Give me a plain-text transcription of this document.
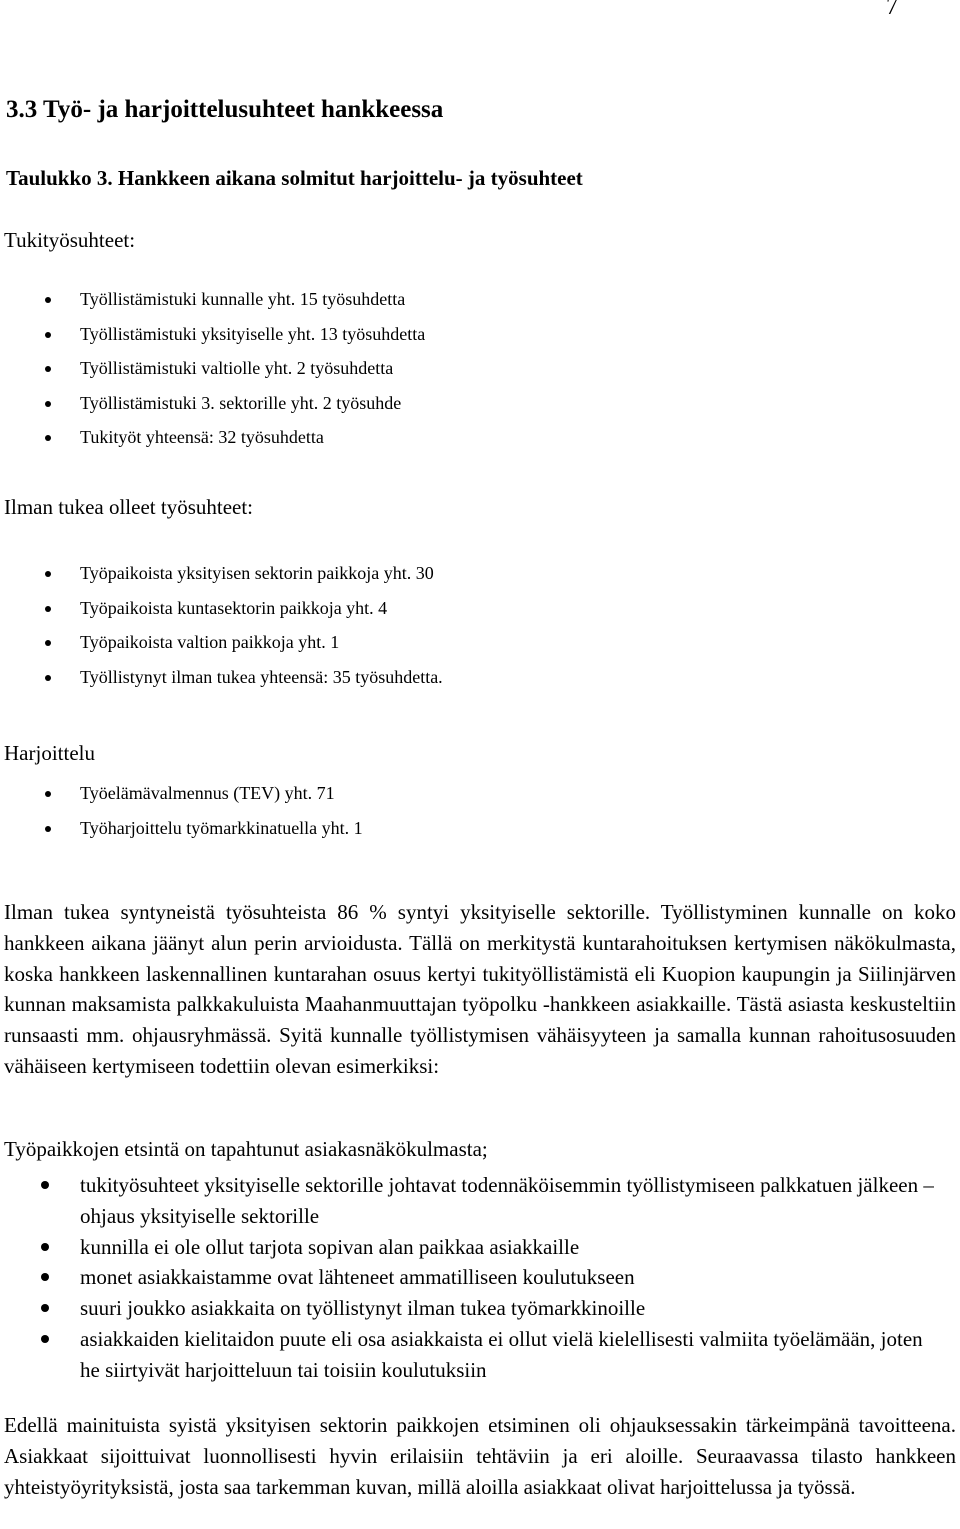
7
3.3 Työ- ja harjoittelusuhteet hankkeessa
Taulukko 3. Hankkeen aikana solmitut harjoittelu- ja työsuhteet
Tukityösuhteet:
Työllistämistuki kunnalle yht. 15 työsuhdetta
Työllistämistuki yksityiselle yht. 13 työsuhdetta
Työllistämistuki valtiolle yht. 2 työsuhdetta
Työllistämistuki 3. sektorille yht. 2 työsuhde
Tukityöt yhteensä: 32 työsuhdetta
Ilman tukea olleet työsuhteet:
Työpaikoista yksityisen sektorin paikkoja yht. 30
Työpaikoista kuntasektorin paikkoja yht. 4
Työpaikoista valtion paikkoja yht. 1
Työllistynyt ilman tukea yhteensä: 35 työsuhdetta.
Harjoittelu
Työelämävalmennus (TEV) yht. 71
Työharjoittelu työmarkkinatuella yht. 1

Ilman tukea syntyneistä työsuhteista 86 % syntyi yksityiselle sektorille. Työllistyminen kunnalle on koko hankkeen aikana jäänyt alun perin arvioidusta. Tällä on merkitystä kuntarahoituksen kertymisen näkökulmasta, koska hankkeen laskennallinen kuntarahan osuus kertyi tukityöllistämistä eli Kuopion kaupungin ja Siilinjärven kunnan maksamista palkkakuluista Maahanmuuttajan työpolku -hankkeen asiakkaille. Tästä asiasta keskusteltiin runsaasti mm. ohjausryhmässä. Syitä kunnalle työllistymisen vähäisyyteen ja samalla kunnan rahoitusosuuden vähäiseen kertymiseen todettiin olevan esimerkiksi:

Työpaikkojen etsintä on tapahtunut asiakasnäkökulmasta;
tukityösuhteet yksityiselle sektorille johtavat todennäköisemmin työllistymiseen palkkatuen jälkeen – ohjaus yksityiselle sektorille
kunnilla ei ole ollut tarjota sopivan alan paikkaa asiakkaille
monet asiakkaistamme ovat lähteneet ammatilliseen koulutukseen
suuri joukko asiakkaita on työllistynyt ilman tukea työmarkkinoille
asiakkaiden kielitaidon puute eli osa asiakkaista ei ollut vielä kielellisesti valmiita työelämään, joten he siirtyivät harjoitteluun tai toisiin koulutuksiin

Edellä mainituista syistä yksityisen sektorin paikkojen etsiminen oli ohjauksessakin tärkeimpänä tavoitteena. Asiakkaat sijoittuivat luonnollisesti hyvin erilaisiin tehtäviin ja eri aloille. Seuraavassa tilasto hankkeen yhteistyöyrityksistä, josta saa tarkemman kuvan, millä aloilla asiakkaat olivat harjoittelussa ja työssä.
